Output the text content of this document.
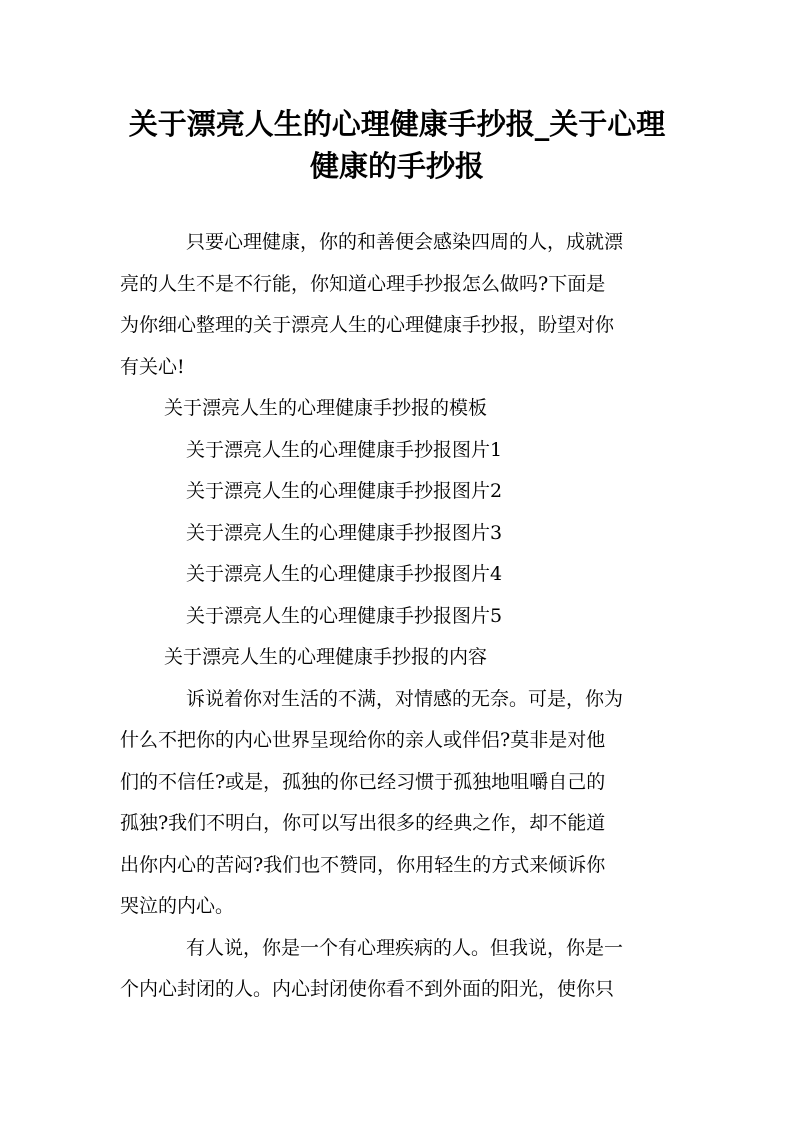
关于漂亮人生的心理健康手抄报_关于心理
健康的手抄报
只要心理健康，你的和善便会感染四周的人，成就漂
亮的人生不是不行能，你知道心理手抄报怎么做吗?下面是
为你细心整理的关于漂亮人生的心理健康手抄报，盼望对你
有关心!
关于漂亮人生的心理健康手抄报的模板
关于漂亮人生的心理健康手抄报图片1
关于漂亮人生的心理健康手抄报图片2
关于漂亮人生的心理健康手抄报图片3
关于漂亮人生的心理健康手抄报图片4
关于漂亮人生的心理健康手抄报图片5
关于漂亮人生的心理健康手抄报的内容
诉说着你对生活的不满，对情感的无奈。可是，你为
什么不把你的内心世界呈现给你的亲人或伴侣?莫非是对他
们的不信任?或是，孤独的你已经习惯于孤独地咀嚼自己的
孤独?我们不明白，你可以写出很多的经典之作，却不能道
出你内心的苦闷?我们也不赞同，你用轻生的方式来倾诉你
哭泣的内心。
有人说，你是一个有心理疾病的人。但我说，你是一
个内心封闭的人。内心封闭使你看不到外面的阳光，使你只
